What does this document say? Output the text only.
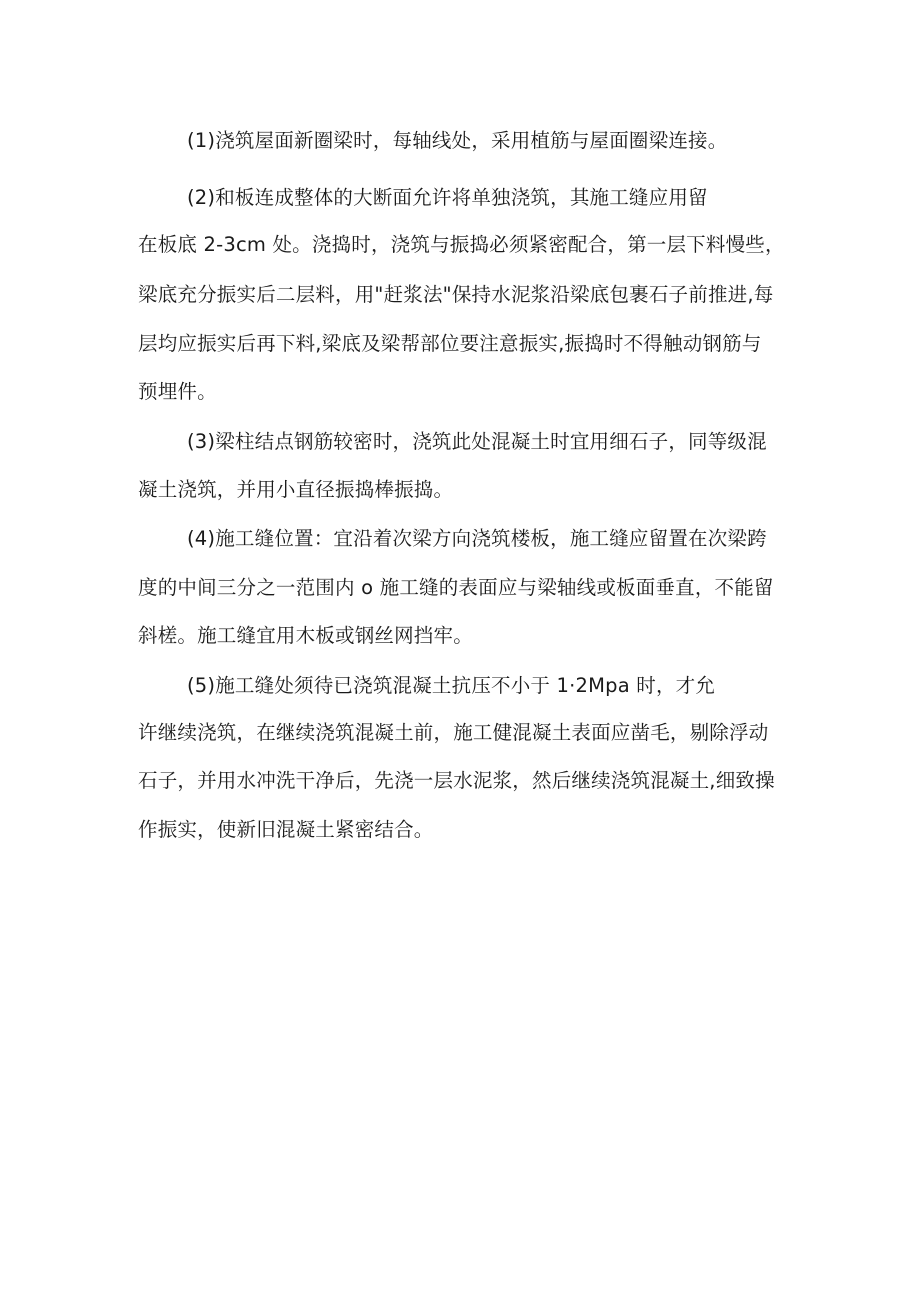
(1)浇筑屋面新圈梁时，每轴线处，采用植筋与屋面圈梁连接。
(2)和板连成整体的大断面允许将单独浇筑，其施工缝应用留
在板底 2-3cm 处。浇捣时，浇筑与振捣必须紧密配合，第一层下料慢些，
梁底充分振实后二层料，用"赶浆法"保持水泥浆沿梁底包裹石子前推进,每
层均应振实后再下料,梁底及梁帮部位要注意振实,振捣时不得触动钢筋与
预埋件。
(3)梁柱结点钢筋较密时，浇筑此处混凝土时宜用细石子，同等级混
凝土浇筑，并用小直径振捣棒振捣。
(4)施工缝位置：宜沿着次梁方向浇筑楼板，施工缝应留置在次梁跨
度的中间三分之一范围内 o 施工缝的表面应与梁轴线或板面垂直，不能留
斜槎。施工缝宜用木板或钢丝网挡牢。
(5)施工缝处须待已浇筑混凝土抗压不小于 1·2Mpa 时，才允
许继续浇筑，在继续浇筑混凝土前，施工健混凝土表面应凿毛，剔除浮动
石子，并用水冲洗干净后，先浇一层水泥浆，然后继续浇筑混凝土,细致操
作振实，使新旧混凝土紧密结合。
